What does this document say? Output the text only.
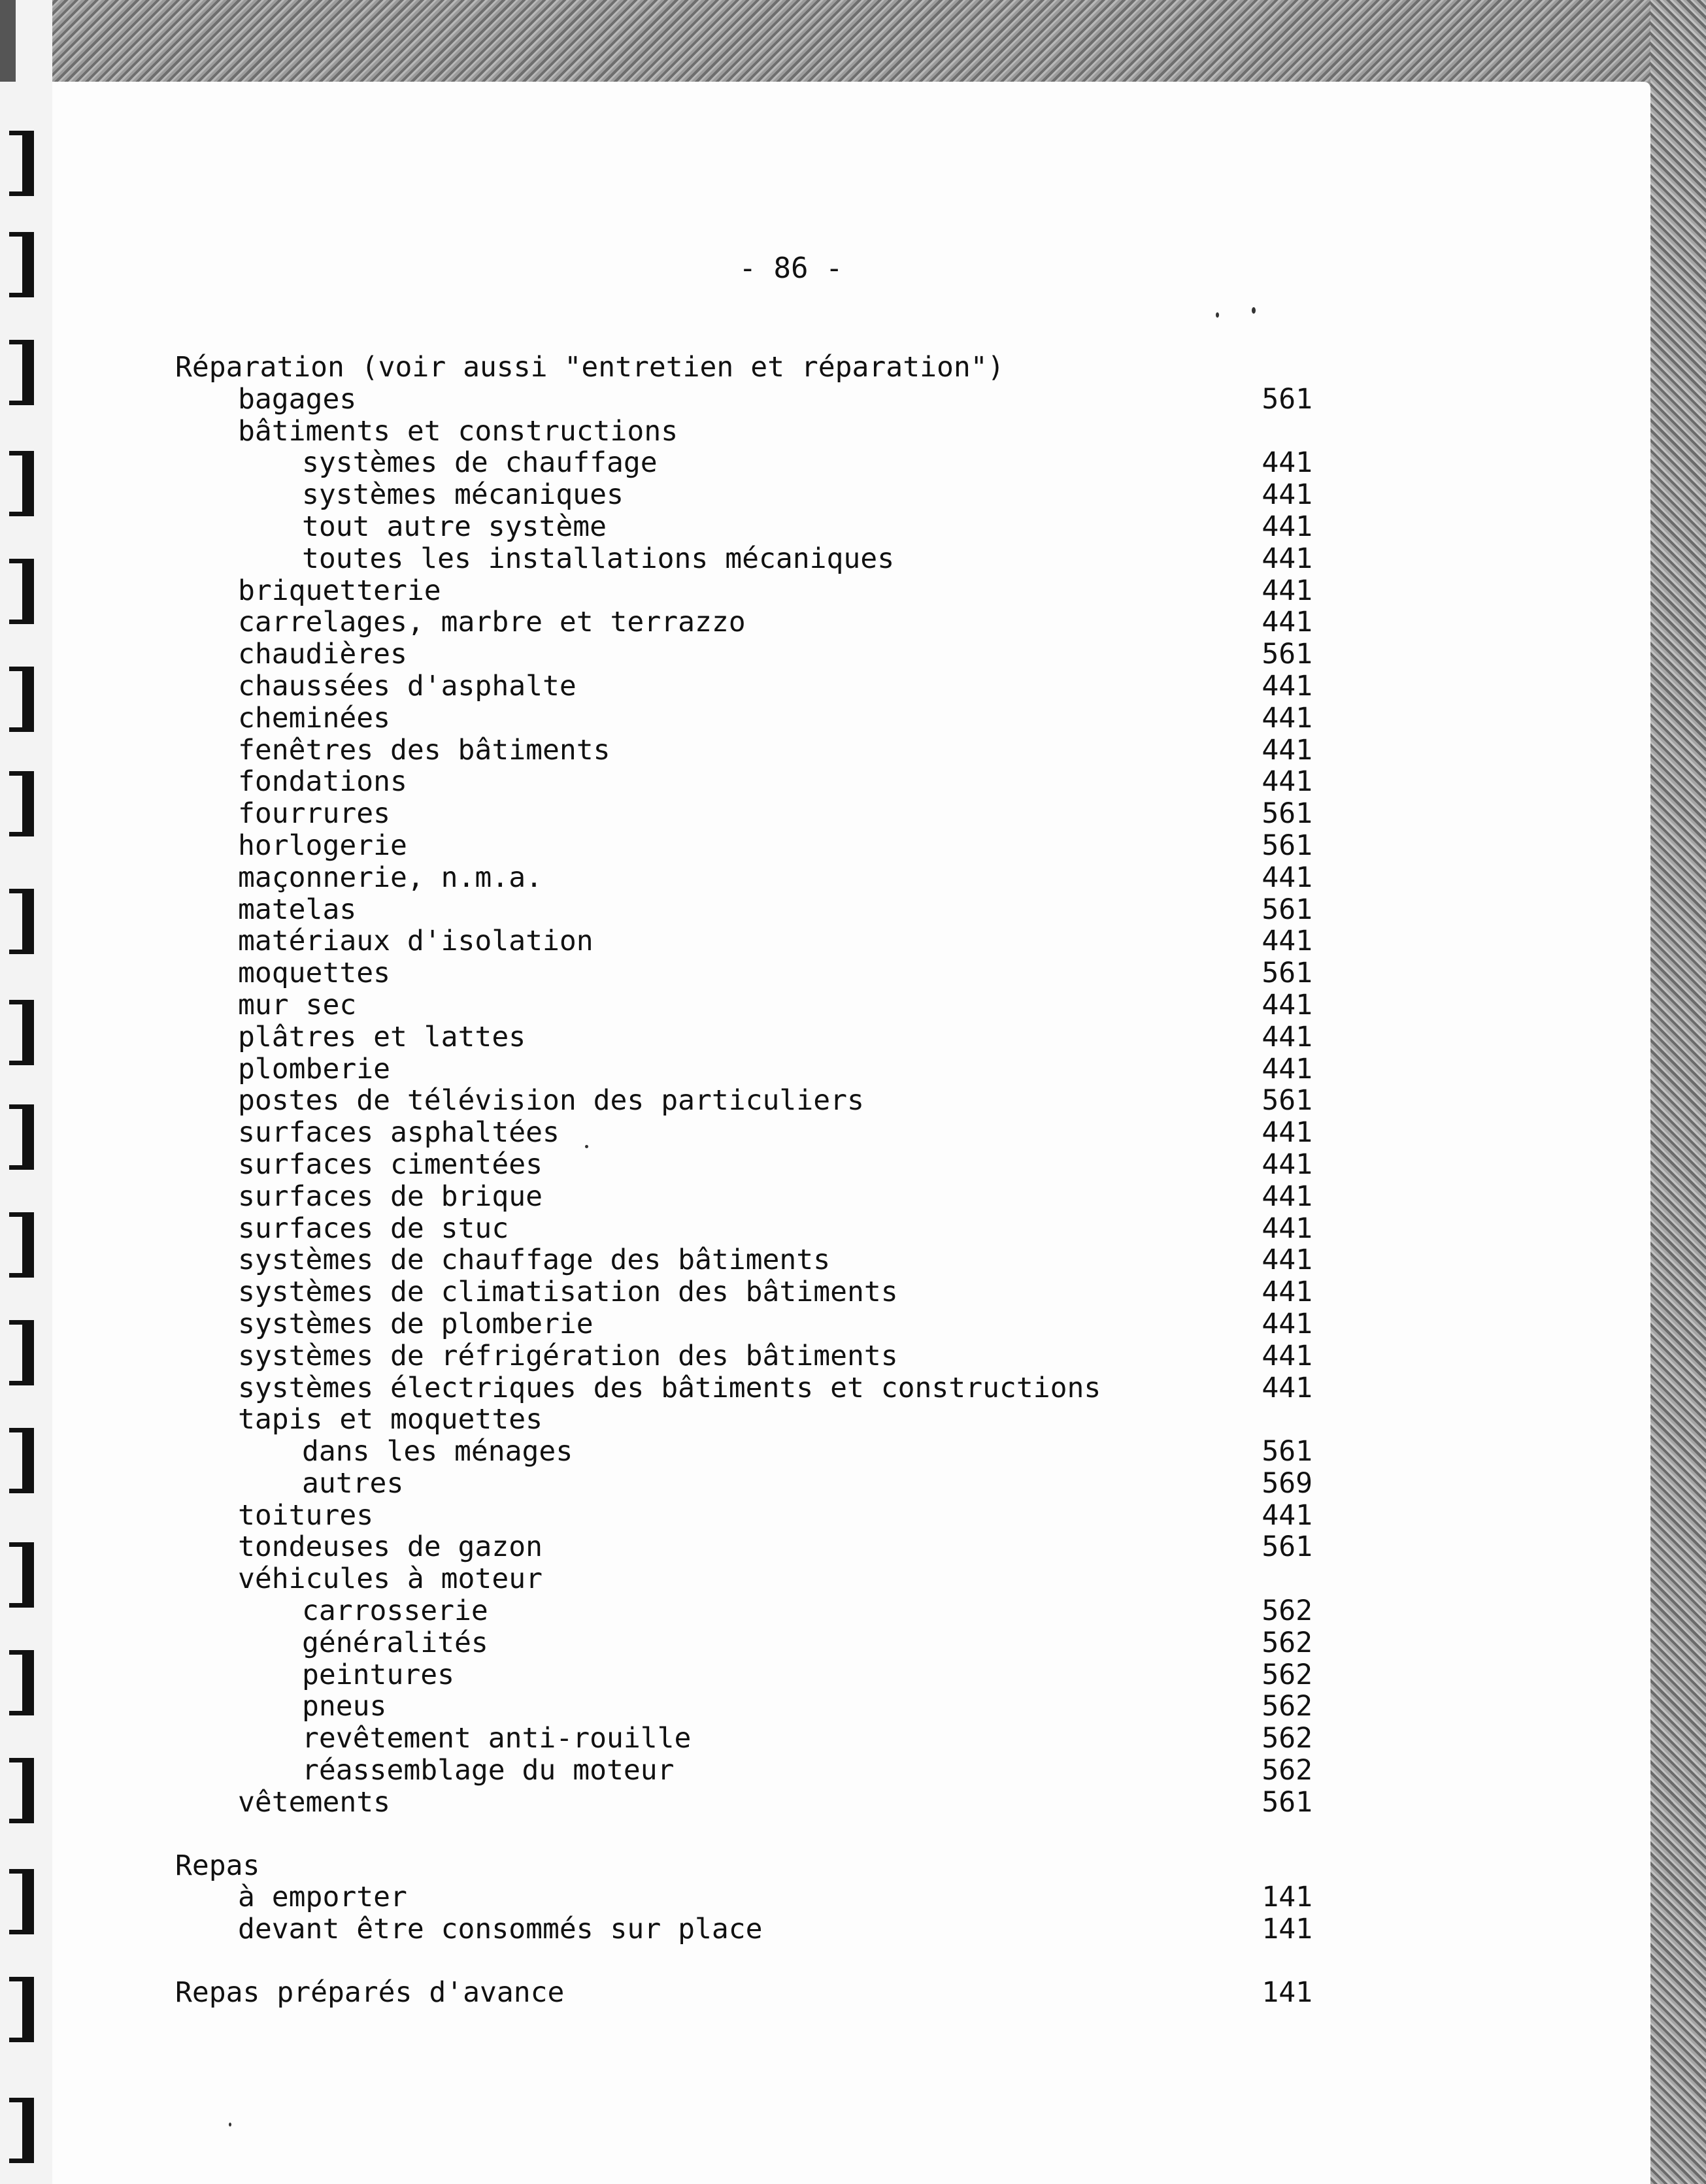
- 86 -
Réparation (voir aussi "entretien et réparation")
bagages	561
bâtiments et constructions
systèmes de chauffage	441
systèmes mécaniques	441
tout autre système	441
toutes les installations mécaniques	441
briquetterie	441
carrelages, marbre et terrazzo	441
chaudières	561
chaussées d'asphalte	441
cheminées	441
fenêtres des bâtiments	441
fondations	441
fourrures	561
horlogerie	561
maçonnerie, n.m.a.	441
matelas	561
matériaux d'isolation	441
moquettes	561
mur sec	441
plâtres et lattes	441
plomberie	441
postes de télévision des particuliers	561
surfaces asphaltées	441
surfaces cimentées	441
surfaces de brique	441
surfaces de stuc	441
systèmes de chauffage des bâtiments	441
systèmes de climatisation des bâtiments	441
systèmes de plomberie	441
systèmes de réfrigération des bâtiments	441
systèmes électriques des bâtiments et constructions	441
tapis et moquettes
dans les ménages	561
autres	569
toitures	441
tondeuses de gazon	561
véhicules à moteur
carrosserie	562
généralités	562
peintures	562
pneus	562
revêtement anti-rouille	562
réassemblage du moteur	562
vêtements	561
Repas
à emporter	141
devant être consommés sur place	141
Repas préparés d'avance	141
